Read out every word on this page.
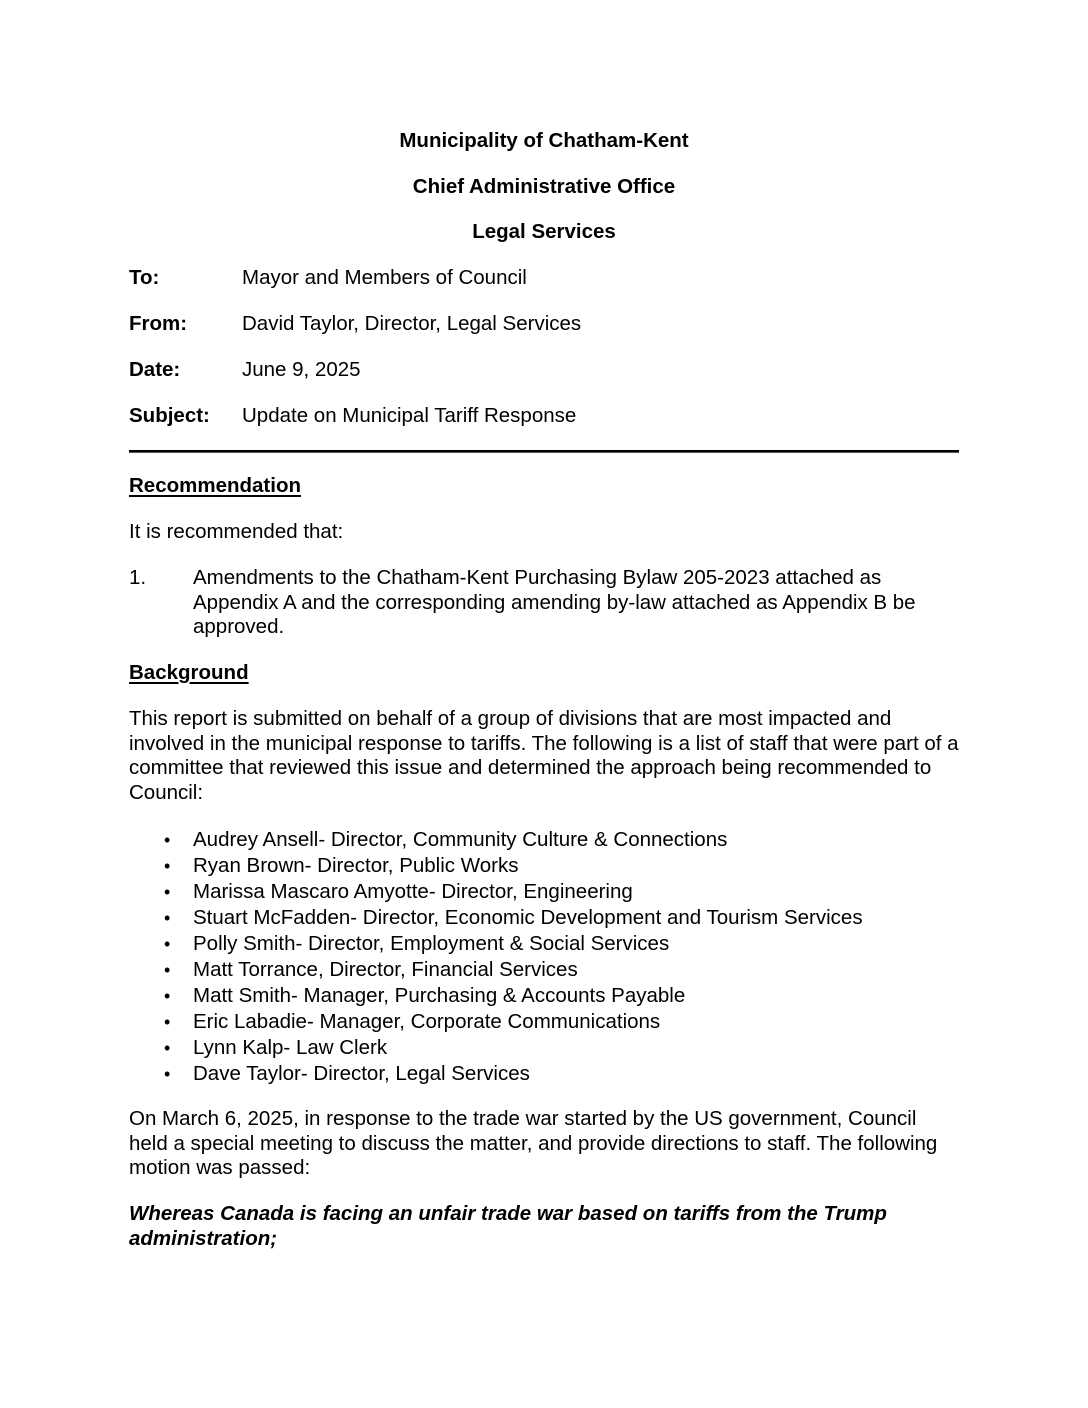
Municipality of Chatham-Kent
Chief Administrative Office
Legal Services
To:	Mayor and Members of Council
From:	David Taylor, Director, Legal Services
Date:	June 9, 2025
Subject: Update on Municipal Tariff Response
Recommendation
It is recommended that:
1. Amendments to the Chatham-Kent Purchasing Bylaw 205-2023 attached as Appendix A and the corresponding amending by-law attached as Appendix B be approved.
Background
This report is submitted on behalf of a group of divisions that are most impacted and involved in the municipal response to tariffs. The following is a list of staff that were part of a committee that reviewed this issue and determined the approach being recommended to Council:
• Audrey Ansell- Director, Community Culture & Connections
• Ryan Brown- Director, Public Works
• Marissa Mascaro Amyotte- Director, Engineering
• Stuart McFadden- Director, Economic Development and Tourism Services
• Polly Smith- Director, Employment & Social Services
• Matt Torrance, Director, Financial Services
• Matt Smith- Manager, Purchasing & Accounts Payable
• Eric Labadie- Manager, Corporate Communications
• Lynn Kalp- Law Clerk
• Dave Taylor- Director, Legal Services
On March 6, 2025, in response to the trade war started by the US government, Council held a special meeting to discuss the matter, and provide directions to staff. The following motion was passed:
Whereas Canada is facing an unfair trade war based on tariffs from the Trump administration;
